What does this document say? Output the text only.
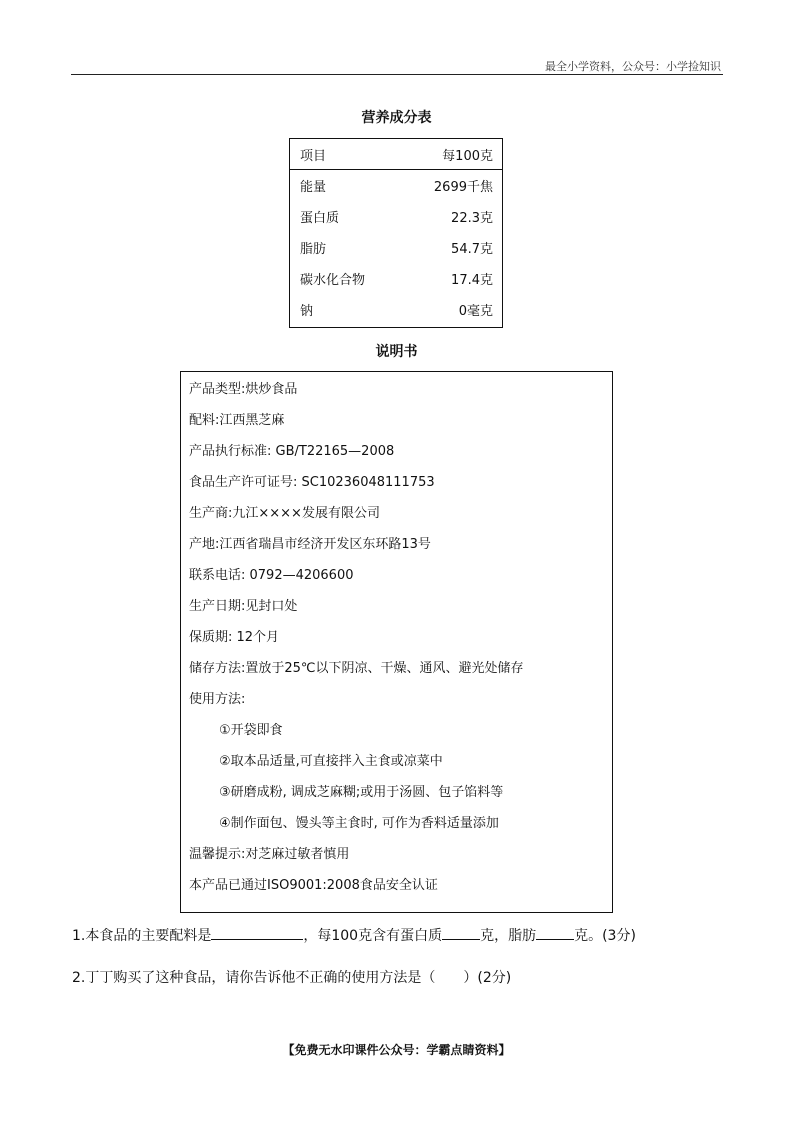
最全小学资料，公众号：小学捡知识
营养成分表
项目	每100克
能量	2699千焦
蛋白质	22.3克
脂肪	54.7克
碳水化合物	17.4克
钠	0毫克
说明书
产品类型:烘炒食品
配料:江西黑芝麻
产品执行标准: GB/T22165—2008
食品生产许可证号: SC10236048111753
生产商:九江××××发展有限公司
产地:江西省瑞昌市经济开发区东环路13号
联系电话: 0792—4206600
生产日期:见封口处
保质期: 12个月
储存方法:置放于25℃以下阴凉、干燥、通风、避光处储存
使用方法:
①开袋即食
②取本品适量,可直接拌入主食或凉菜中
③研磨成粉, 调成芝麻糊;或用于汤圆、包子馅料等
④制作面包、馒头等主食时, 可作为香料适量添加
温馨提示:对芝麻过敏者慎用
本产品已通过ISO9001:2008食品安全认证
1.本食品的主要配料是	，每100克含有蛋白质	克，脂肪	克。(3分)
2.丁丁购买了这种食品，请你告诉他不正确的使用方法是（　　）(2分)
【免费无水印课件公众号：学霸点睛资料】
